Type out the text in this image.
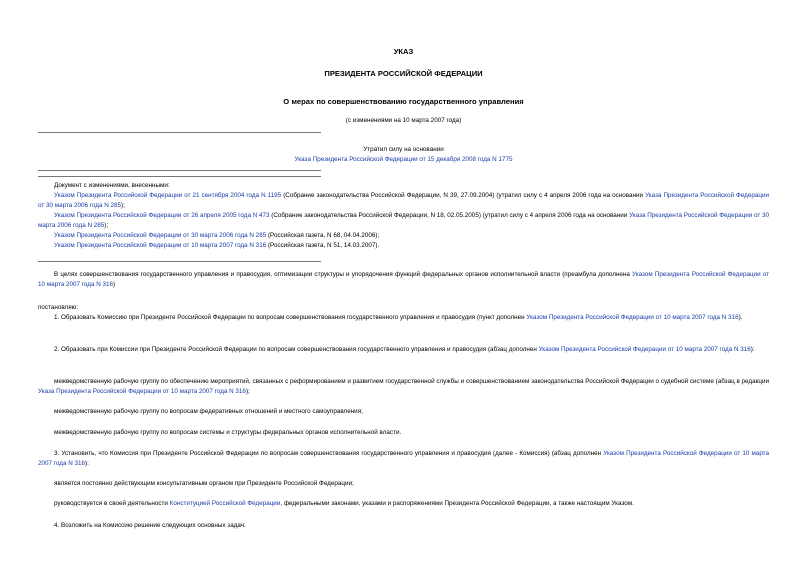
УКАЗ
ПРЕЗИДЕНТА РОССИЙСКОЙ ФЕДЕРАЦИИ
О мерах по совершенствованию государственного управления
(с изменениями на 10 марта 2007 года)
Утратил силу на основании
Указа Президента Российской Федерации от 15 декабря 2008 года N 1775

Документ с изменениями, внесенными:

Указом Президента Российской Федерации от 21 сентября 2004 года N 1195 (Собрание законодательства Российской Федерации, N 39, 27.09.2004) (утратил силу с 4 апреля 2006 года на основании Указа Президента Российской Федерации от 30 марта 2006 года N 285);

Указом Президента Российской Федерации от 26 апреля 2005 года N 473 (Собрание законодательства Российской Федерации, N 18, 02.05.2005) (утратил силу с 4 апреля 2006 года на основании Указа Президента Российской Федерации от 30 марта 2006 года N 285);

Указом Президента Российской Федерации от 30 марта 2006 года N 285 (Российская газета, N 68, 04.04.2006);

Указом Президента Российской Федерации от 10 марта 2007 года N 316 (Российская газета, N 51, 14.03.2007).

В целях совершенствования государственного управления и правосудия, оптимизации структуры и упорядочения функций федеральных органов исполнительной власти (преамбула дополнена Указом Президента Российской Федерации от 10 марта 2007 года N 316)

постановляю:

1. Образовать Комиссию при Президенте Российской Федерации по вопросам совершенствования государственного управления и правосудия (пункт дополнен Указом Президента Российской Федерации от 10 марта 2007 года N 316).

2. Образовать при Комиссии при Президенте Российской Федерации по вопросам совершенствования государственного управления и правосудия (абзац дополнен Указом Президента Российской Федерации от 10 марта 2007 года N 316):

межведомственную рабочую группу по обеспечению мероприятий, связанных с реформированием и развитием государственной службы и совершенствованием законодательства Российской Федерации о судебной системе (абзац в редакции Указа Президента Российской Федерации от 10 марта 2007 года N 316);

межведомственную рабочую группу по вопросам федеративных отношений и местного самоуправления;
межведомственную рабочую группу по вопросам системы и структуры федеральных органов исполнительной власти.

3. Установить, что Комиссия при Президенте Российской Федерации по вопросам совершенствования государственного управления и правосудия (далее - Комиссия) (абзац дополнен Указом Президента Российской Федерации от 10 марта 2007 года N 316):

является постоянно действующим консультативным органом при Президенте Российской Федерации;

руководствуется в своей деятельности Конституцией Российской Федерации, федеральными законами, указами и распоряжениями Президента Российской Федерации, а также настоящим Указом.

4. Возложить на Комиссию решение следующих основных задач:
